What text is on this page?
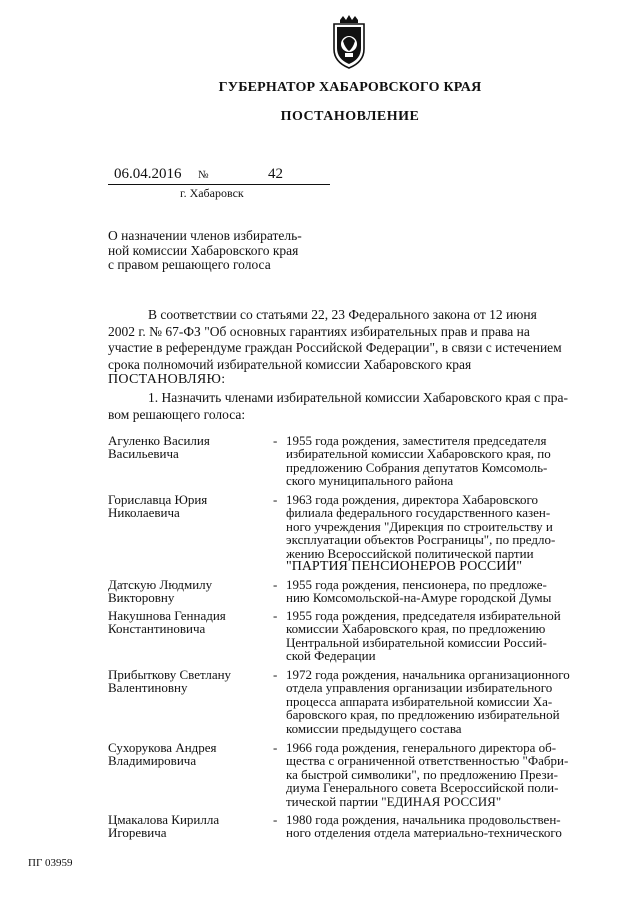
ГУБЕРНАТОР ХАБАРОВСКОГО КРАЯ
ПОСТАНОВЛЕНИЕ
06.04.2016 №	42
г. Хабаровск
О назначении членов избиратель-
ной комиссии Хабаровского края
с правом решающего голоса
В соответствии со статьями 22, 23 Федерального закона от 12 июня
2002 г. № 67-ФЗ "Об основных гарантиях избирательных прав и права на
участие в референдуме граждан Российской Федерации", в связи с истечением
срока полномочий избирательной комиссии Хабаровского края
ПОСТАНОВЛЯЮ:
1. Назначить членами избирательной комиссии Хабаровского края с пра-
вом решающего голоса:
Агуленко Василия
Васильевича
- 1955 года рождения, заместителя председателя
избирательной комиссии Хабаровского края, по
предложению Собрания депутатов Комсомоль-
ского муниципального района
Гориславца Юрия
Николаевича
- 1963 года рождения, директора Хабаровского
филиала федерального государственного казен-
ного учреждения "Дирекция по строительству и
эксплуатации объектов Росграницы", по предло-
жению Всероссийской политической партии
"ПАРТИЯ ПЕНСИОНЕРОВ РОССИИ"
Датскую Людмилу
Викторовну
- 1955 года рождения, пенсионера, по предложе-
нию Комсомольской-на-Амуре городской Думы
Накушнова Геннадия
Константиновича
- 1955 года рождения, председателя избирательной
комиссии Хабаровского края, по предложению
Центральной избирательной комиссии Россий-
ской Федерации
Прибыткову Светлану
Валентиновну
- 1972 года рождения, начальника организационного
отдела управления организации избирательного
процесса аппарата избирательной комиссии Ха-
баровского края, по предложению избирательной
комиссии предыдущего состава
Сухорукова Андрея
Владимировича
- 1966 года рождения, генерального директора об-
щества с ограниченной ответственностью "Фабри-
ка быстрой символики", по предложению Прези-
диума Генерального совета Всероссийской поли-
тической партии "ЕДИНАЯ РОССИЯ"
Цмакалова Кирилла
Игоревича
- 1980 года рождения, начальника продовольствен-
ного отделения отдела материально-технического
ПГ 03959
